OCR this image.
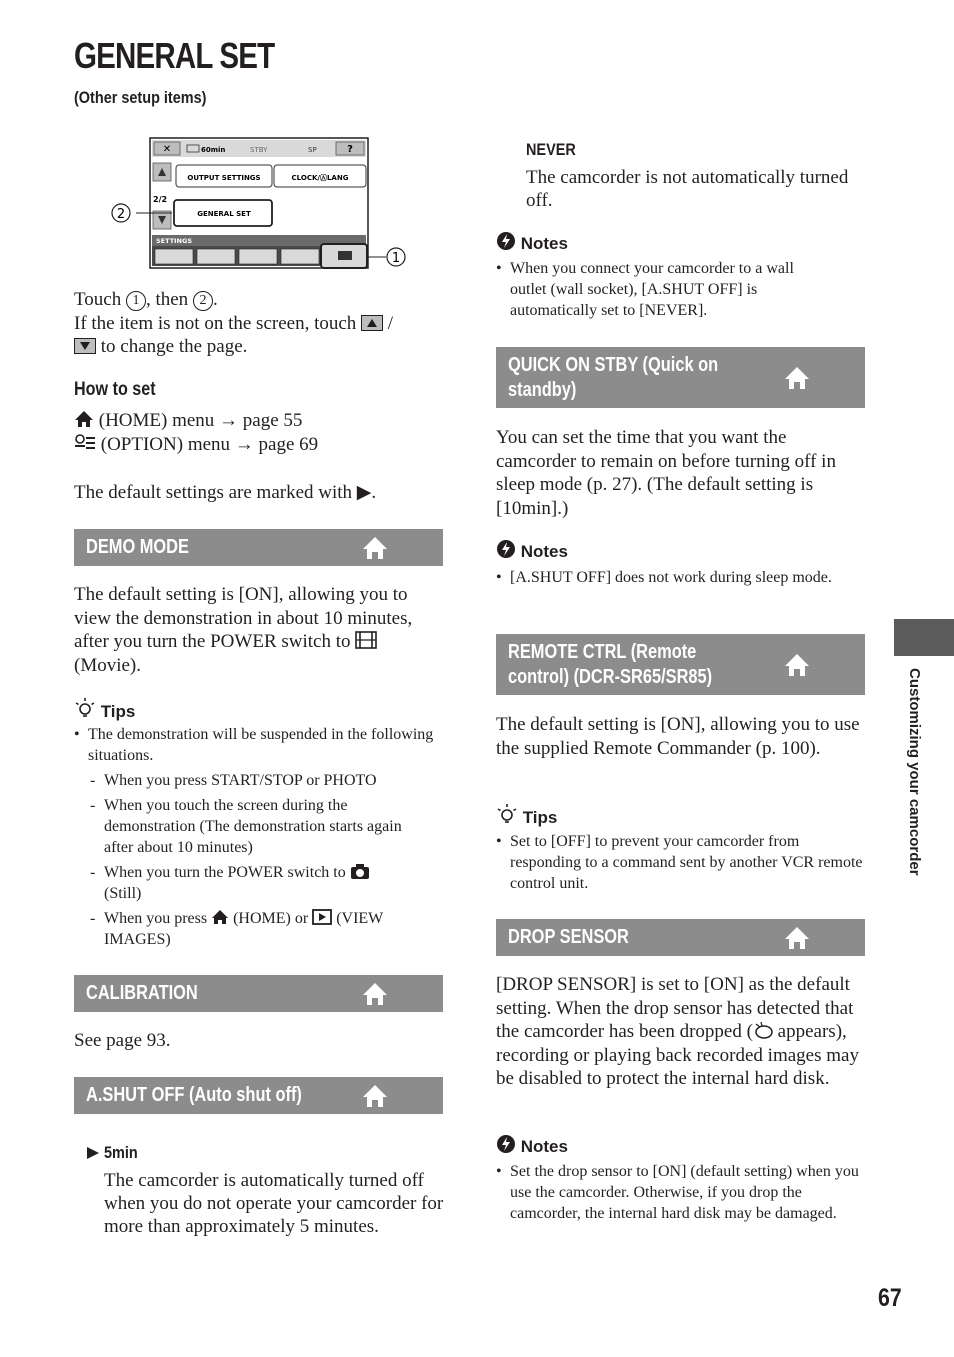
GENERAL SET
(Other setup items)
✕	60min	STBY	SP	?
2/2
OUTPUT SETTINGS	CLOCK/ⒶLANG
GENERAL SET
SETTINGS
2
1
Touch 1 , then 2 .
If the item is not on the screen, touch /
to change the page.
How to set
(HOME) menu → page 55
(OPTION) menu → page 69
The default settings are marked with ▶.
DEMO MODE
The default setting is [ON], allowing you to view the demonstration in about 10 minutes, after you turn the POWER switch to  (Movie).
Tips
• The demonstration will be suspended in the following situations.
- When you press START/STOP or PHOTO
- When you touch the screen during the demonstration (The demonstration starts again after about 10 minutes)
- When you turn the POWER switch to
(Still)
- When you press (HOME) or (VIEW IMAGES)
CALIBRATION
See page 93.
A.SHUT OFF (Auto shut off)
5min
The camcorder is automatically turned off when you do not operate your camcorder for more than approximately 5 minutes.
NEVER
The camcorder is not automatically turned off.
Notes
• When you connect your camcorder to a wall outlet (wall socket), [A.SHUT OFF] is automatically set to [NEVER].
QUICK ON STBY (Quick on standby)
You can set the time that you want the camcorder to remain on before turning off in sleep mode (p. 27). (The default setting is [10min].)
Notes
• [A.SHUT OFF] does not work during sleep mode.
REMOTE CTRL (Remote control) (DCR-SR65/SR85)
The default setting is [ON], allowing you to use the supplied Remote Commander (p. 100).
Tips
• Set to [OFF] to prevent your camcorder from responding to a command sent by another VCR remote control unit.
DROP SENSOR
[DROP SENSOR] is set to [ON] as the default setting. When the drop sensor has detected that the camcorder has been dropped ( appears), recording or playing back recorded images may be disabled to protect the internal hard disk.
Notes
• Set the drop sensor to [ON] (default setting) when you use the camcorder. Otherwise, if you drop the camcorder, the internal hard disk may be damaged.
Customizing your camcorder
67
